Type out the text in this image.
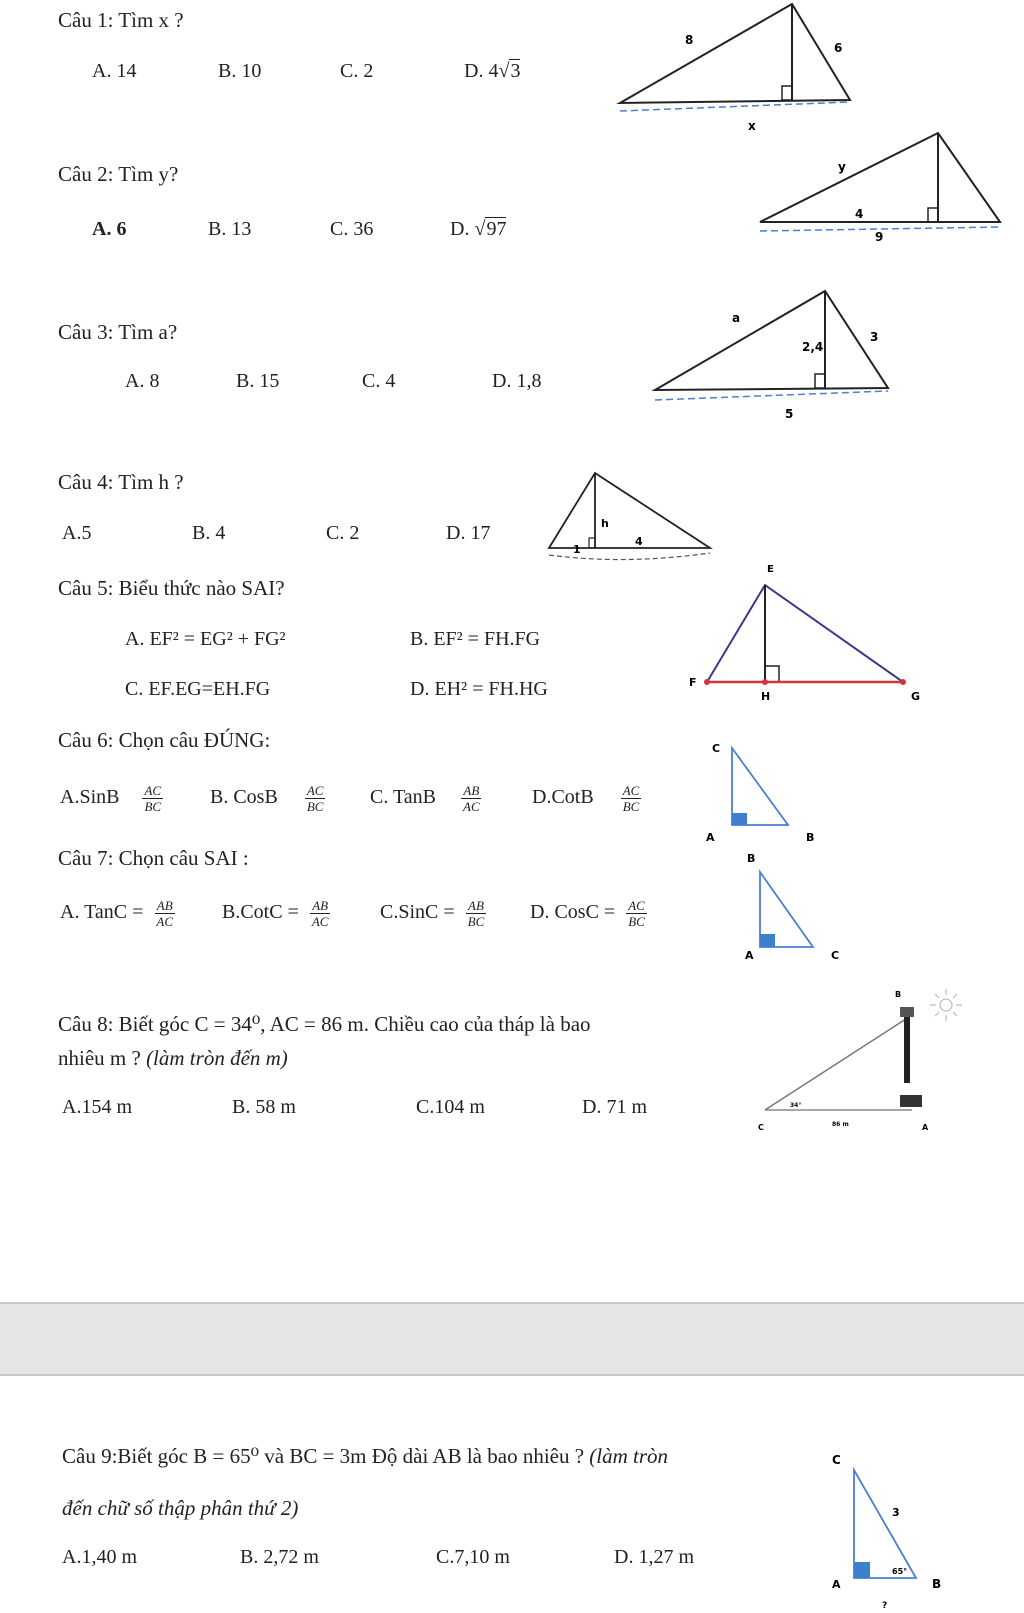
Câu 1: Tìm x ?
A. 14	B. 10	C. 2	D. 4√3
8
6
x
Câu 2: Tìm y?
A. 6	B. 13	C. 36	D. √97
y
4
9
Câu 3: Tìm a?
A. 8	B. 15	C. 4	D. 1,8
a
2,4
3
5
Câu 4: Tìm h ?
A.5	B. 4	C. 2	D. 17	h
1
4
Câu 5: Biểu thức nào SAI?
A. EF² = EG² + FG²	B. EF² = FH.FG
C. EF.EG=EH.FG	D. EH² = FH.HG
E
F
G
H
Câu 6: Chọn câu ĐÚNG:
A.SinB $\frac{AC}{BC} B$. CosB $\frac{AC}{BC} C$. TanB $\frac{AB}{AC}$	D.CotB $\frac{AC}{BC}$
C
A	B
Câu 7: Chọn câu SAI :
A. TanC = $\frac{AB}{AC}$ B.CotC = $\frac{AB}{AC}$ C.SinC = $\frac{AB}{BC} D$. CosC = $\frac{AC}{BC}$
B
A	C
Câu 8: Biết góc C = 34⁰, AC = 86 m. Chiều cao của tháp là bao
nhiêu m ? (làm tròn đến m)
A.154 m	B. 58 m	C.104 m	D. 71 m
B
C	A
34°
86 m
Câu 9:Biết góc B = 65⁰ và BC = 3m Độ dài AB là bao nhiêu ? (làm tròn
đến chữ số thập phân thứ 2)
A.1,40 m	B. 2,72 m	C.7,10 m	D. 1,27 m
C
3
A	B
65°
?
